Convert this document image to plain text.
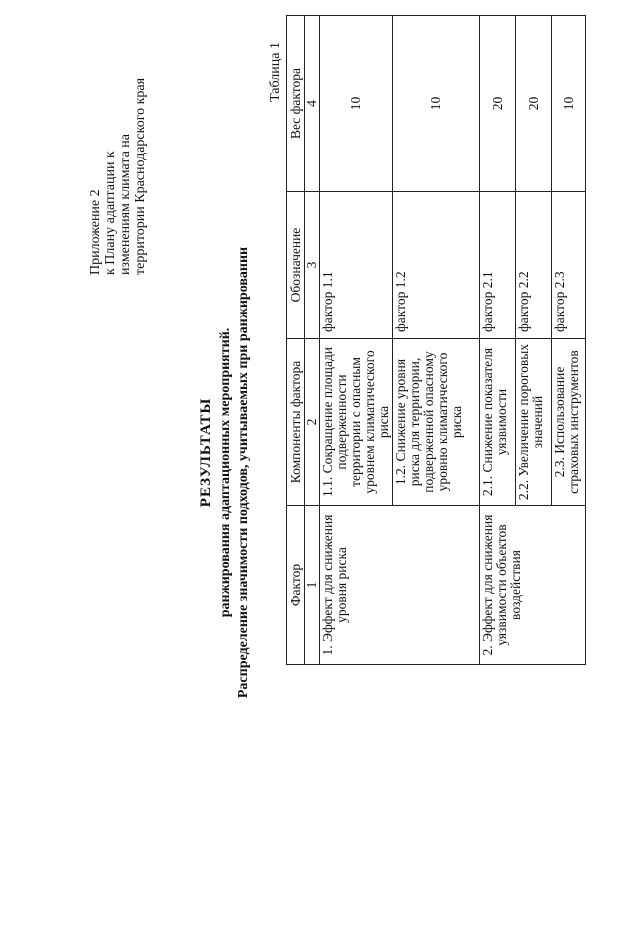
Приложение 2 к Плану адаптации к изменениям климата на территории Краснодарского края
РЕЗУЛЬТАТЫ ранжирования адаптационных мероприятий. Распределение значимости подходов, учитываемых при ранжировании
Таблица 1
Фактор	Компоненты фактора	Обозначение	Вес фактора
1	2	3	4
1. Эффект для снижения уровня риска	1.1. Сокращение площади подверженности территории с опасным уровнем климатического риска	фактор 1.1	10
	1.2. Снижение уровня риска для территории, подверженной опасному уровню климатического риска	фактор 1.2	10
2. Эффект для снижения уязвимости объектов воздействия	2.1. Снижение показателя уязвимости	фактор 2.1	20
	2.2. Увеличение пороговых значений	фактор 2.2	20
	2.3. Использование страховых инструментов	фактор 2.3	10
